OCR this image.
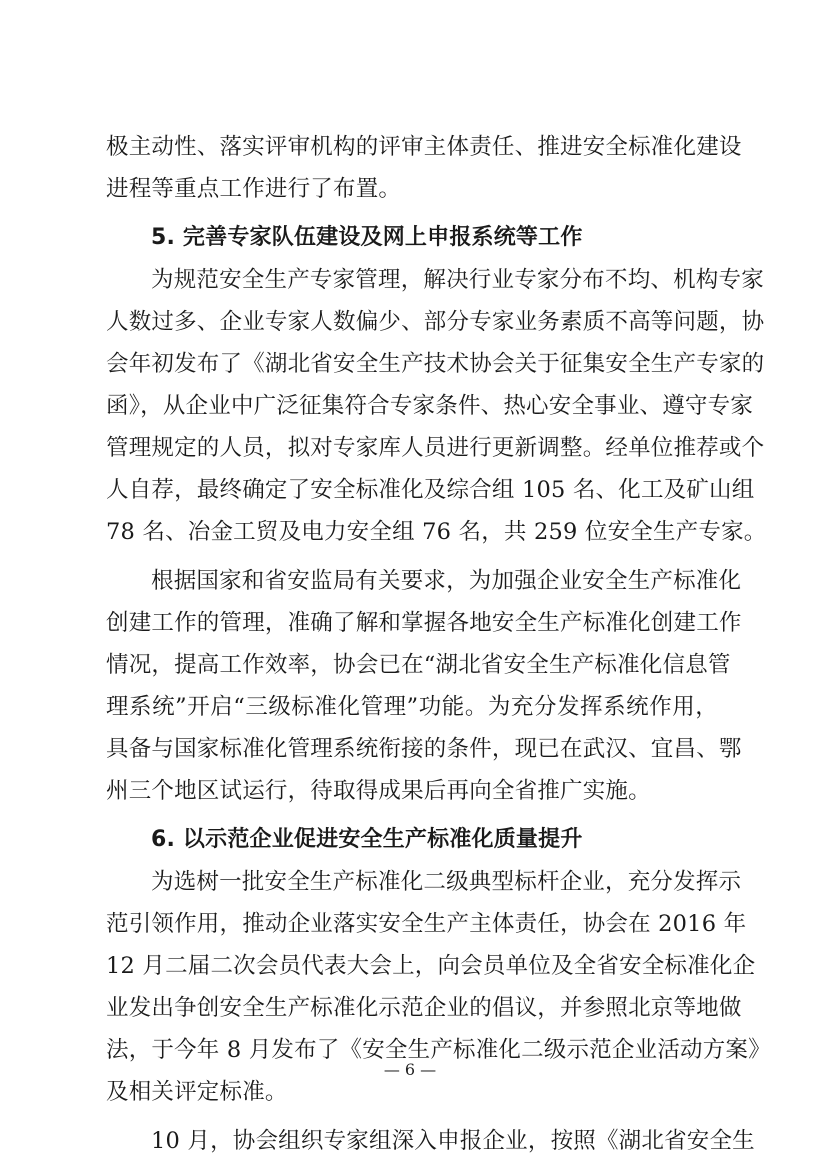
极主动性、落实评审机构的评审主体责任、推进安全标准化建设
进程等重点工作进行了布置。
5. 完善专家队伍建设及网上申报系统等工作
为规范安全生产专家管理，解决行业专家分布不均、机构专家
人数过多、企业专家人数偏少、部分专家业务素质不高等问题，协
会年初发布了《湖北省安全生产技术协会关于征集安全生产专家的
函》，从企业中广泛征集符合专家条件、热心安全事业、遵守专家
管理规定的人员，拟对专家库人员进行更新调整。经单位推荐或个
人自荐，最终确定了安全标准化及综合组 105 名、化工及矿山组
78 名、冶金工贸及电力安全组 76 名，共 259 位安全生产专家。
根据国家和省安监局有关要求，为加强企业安全生产标准化
创建工作的管理，准确了解和掌握各地安全生产标准化创建工作
情况，提高工作效率，协会已在“湖北省安全生产标准化信息管
理系统”开启“三级标准化管理”功能。为充分发挥系统作用，
具备与国家标准化管理系统衔接的条件，现已在武汉、宜昌、鄂
州三个地区试运行，待取得成果后再向全省推广实施。
6. 以示范企业促进安全生产标准化质量提升
为选树一批安全生产标准化二级典型标杆企业，充分发挥示
范引领作用，推动企业落实安全生产主体责任，协会在 2016 年
12 月二届二次会员代表大会上，向会员单位及全省安全标准化企
业发出争创安全生产标准化示范企业的倡议，并参照北京等地做
法，于今年 8 月发布了《安全生产标准化二级示范企业活动方案》
及相关评定标准。
10 月，协会组织专家组深入申报企业，按照《湖北省安全生
— 6 —
